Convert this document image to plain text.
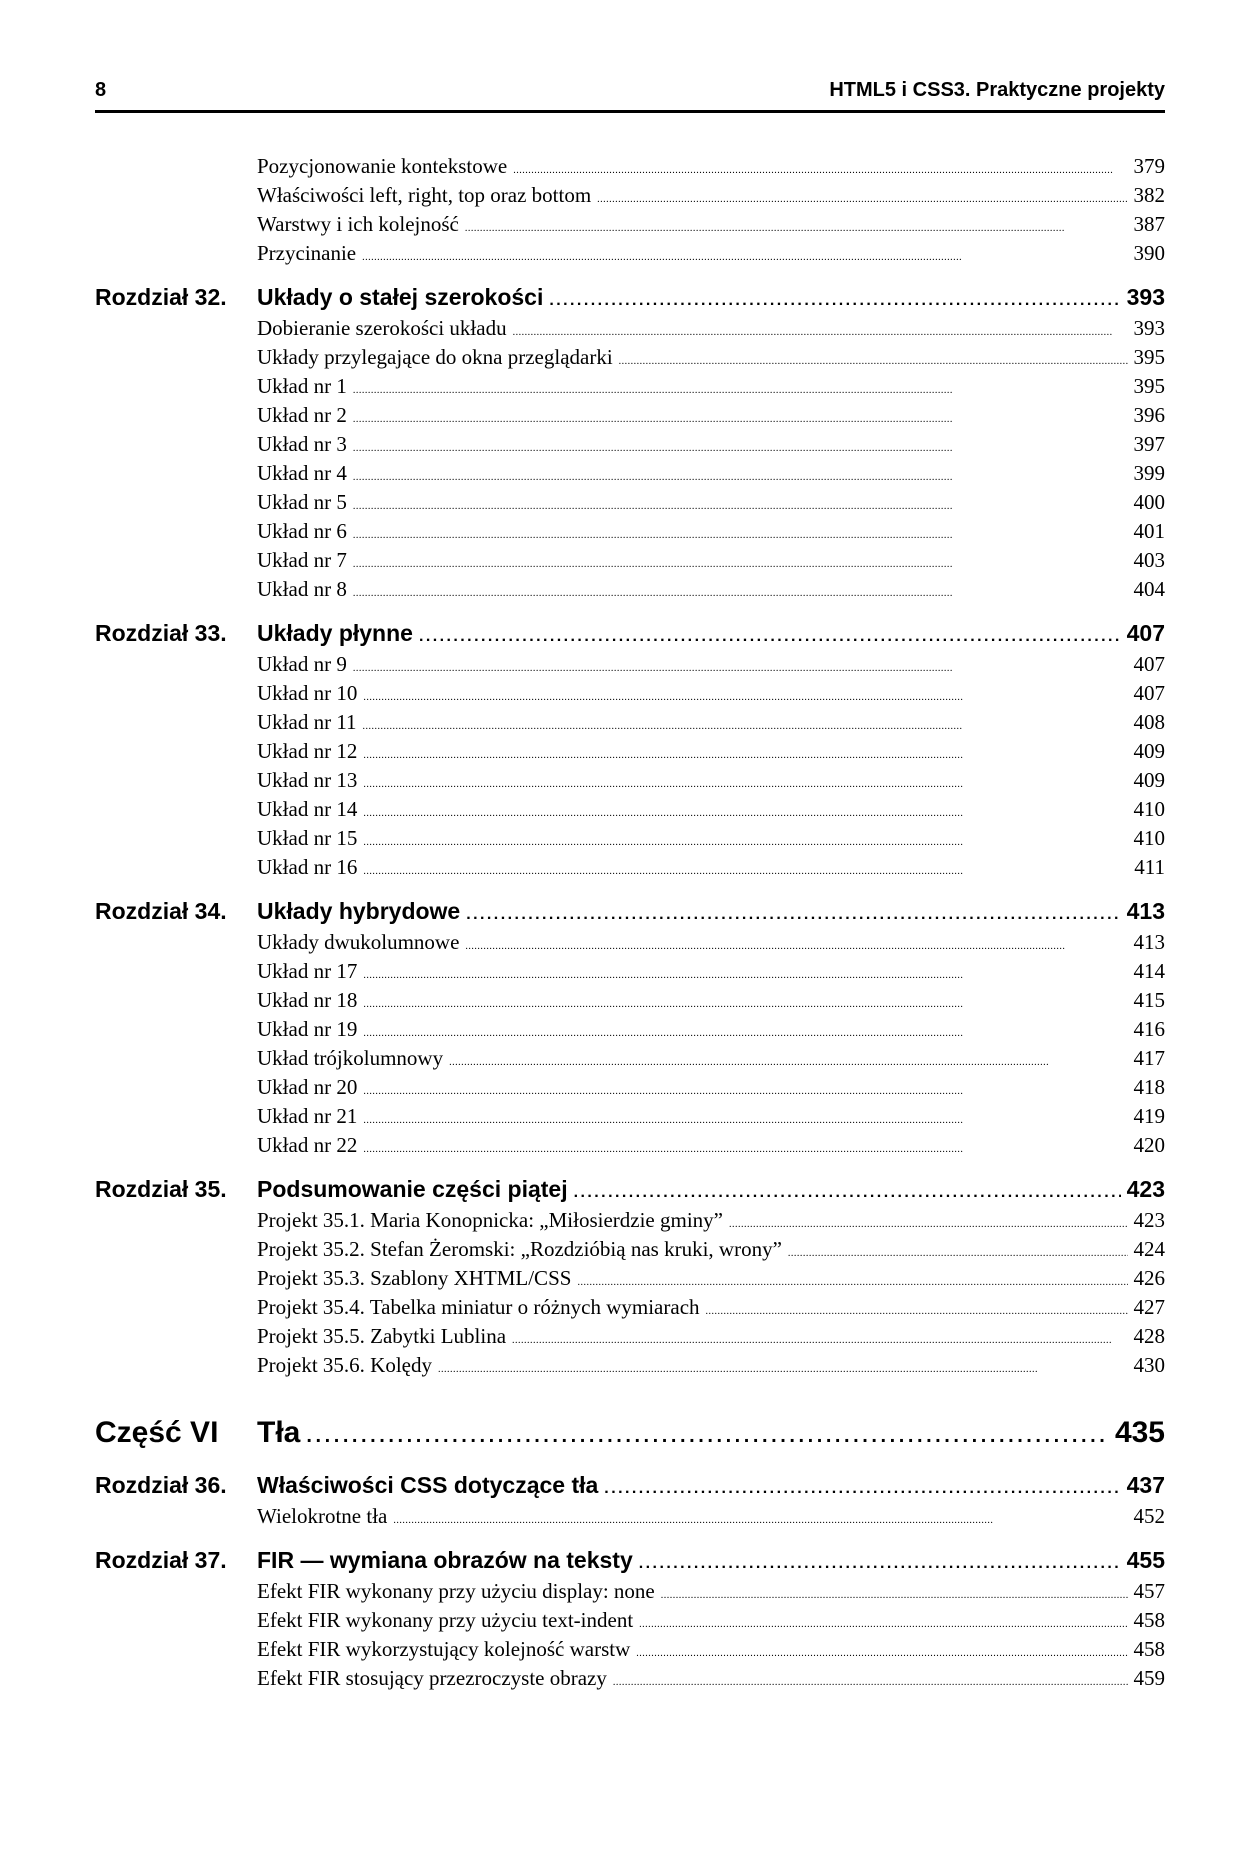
8	HTML5 i CSS3. Praktyczne projekty
Pozycjonowanie kontekstowe . . .	379
Właściwości left, right, top oraz bottom . . .	382
Warstwy i ich kolejność . . .	387
Przycinanie . . .	390
Rozdział 32. Układy o stałej szerokości . . .	393
Dobieranie szerokości układu . . .	393
Układy przylegające do okna przeglądarki . . .	395
Układ nr 1 . . .	395
Układ nr 2 . . .	396
Układ nr 3 . . .	397
Układ nr 4 . . .	399
Układ nr 5 . . .	400
Układ nr 6 . . .	401
Układ nr 7 . . .	403
Układ nr 8 . . .	404
Rozdział 33. Układy płynne . . .	407
Układ nr 9 . . .	407
Układ nr 10 . . .	407
Układ nr 11 . . .	408
Układ nr 12 . . .	409
Układ nr 13 . . .	409
Układ nr 14 . . .	410
Układ nr 15 . . .	410
Układ nr 16 . . .	411
Rozdział 34. Układy hybrydowe . . .	413
Układy dwukolumnowe . . .	413
Układ nr 17 . . .	414
Układ nr 18 . . .	415
Układ nr 19 . . .	416
Układ trójkolumnowy . . .	417
Układ nr 20 . . .	418
Układ nr 21 . . .	419
Układ nr 22 . . .	420
Rozdział 35. Podsumowanie części piątej . . .	423
Projekt 35.1. Maria Konopnicka: „Miłosierdzie gminy” . . .	423
Projekt 35.2. Stefan Żeromski: „Rozdzióbią nas kruki, wrony” . . .	424
Projekt 35.3. Szablony XHTML/CSS . . .	426
Projekt 35.4. Tabelka miniatur o różnych wymiarach . . .	427
Projekt 35.5. Zabytki Lublina . . .	428
Projekt 35.6. Kolędy . . .	430
Część VI Tła . . .	435
Rozdział 36. Właściwości CSS dotyczące tła . . .	437
Wielokrotne tła . . .	452
Rozdział 37. FIR — wymiana obrazów na teksty . . .	455
Efekt FIR wykonany przy użyciu display: none . . .	457
Efekt FIR wykonany przy użyciu text-indent . . .	458
Efekt FIR wykorzystujący kolejność warstw . . .	458
Efekt FIR stosujący przezroczyste obrazy . . .	459
